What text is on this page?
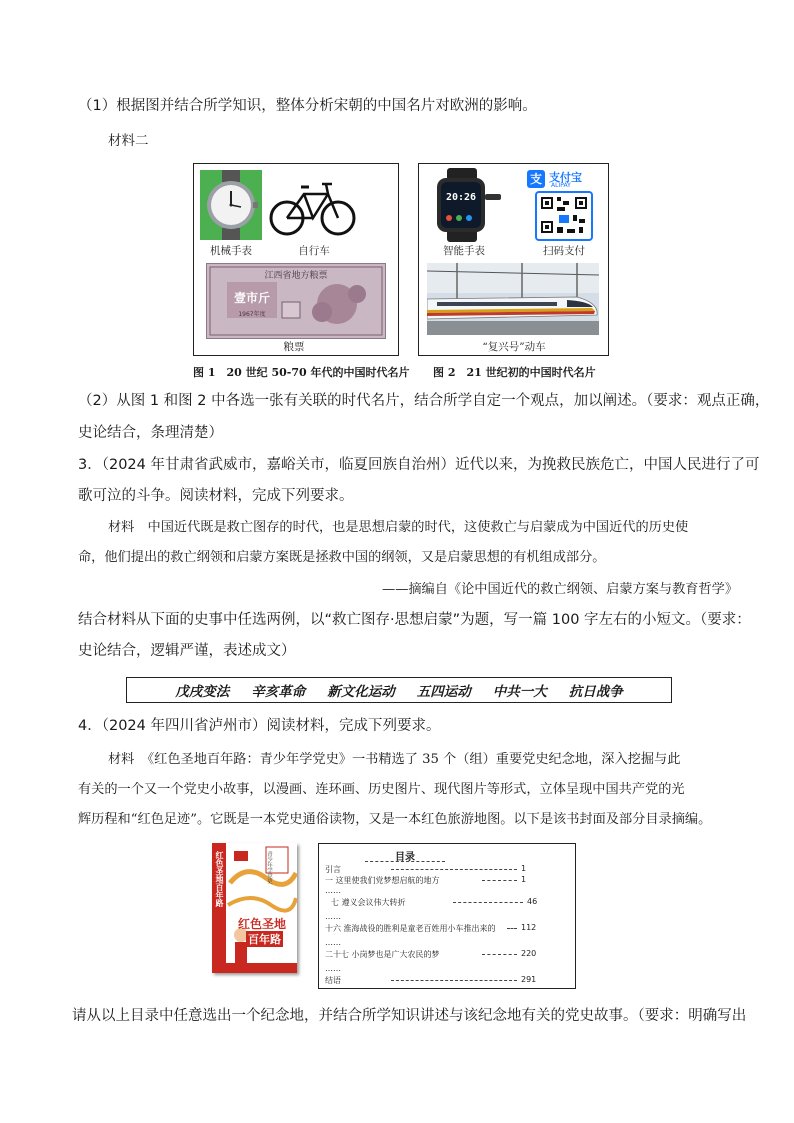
（1）根据图并结合所学知识，整体分析宋朝的中国名片对欧洲的影响。
材料二
机械手表	自行车
江西省地方粮票
壹市斤
1967年度
粮票
20:26
智能手表
支 支付宝
ALIPAY
扫码支付
“复兴号”动车
图 1　20 世纪 50-70 年代的中国时代名片 图 2　21 世纪初的中国时代名片
（2）从图 1 和图 2 中各选一张有关联的时代名片，结合所学自定一个观点，加以阐述。（要求：观点正确，
史论结合，条理清楚）
3．（2024 年甘肃省武威市，嘉峪关市，临夏回族自治州）近代以来，为挽救民族危亡，中国人民进行了可
歌可泣的斗争。阅读材料，完成下列要求。
材料　中国近代既是救亡图存的时代，也是思想启蒙的时代，这使救亡与启蒙成为中国近代的历史使
命，他们提出的救亡纲领和启蒙方案既是拯救中国的纲领，又是启蒙思想的有机组成部分。
——摘编自《论中国近代的救亡纲领、启蒙方案与教育哲学》
结合材料从下面的史事中任选两例，以“救亡图存·思想启蒙”为题，写一篇 100 字左右的小短文。（要求：
史论结合，逻辑严谨，表述成文）
戊戌变法 辛亥革命 新文化运动 五四运动 中共一大 抗日战争
4．（2024 年四川省泸州市）阅读材料，完成下列要求。
材料　《红色圣地百年路：青少年学党史》一书精选了 35 个（组）重要党史纪念地，深入挖掘与此
有关的一个又一个党史小故事，以漫画、连环画、历史图片、现代图片等形式，立体呈现中国共产党的光
辉历程和“红色足迹”。它既是一本党史通俗读物，又是一本红色旅游地图。以下是该书封面及部分目录摘编。
红色圣地百年路	青少年学党史
红色圣地
百年路
目录
引言	1
一 这里使我们党梦想启航的地方	1
……
七 遵义会议伟大转折	46
……
十六 淮海战役的胜利是童老百姓用小车推出来的	112
……
二十七 小岗梦也是广大农民的梦	220
……
结语	291
请从以上目录中任意选出一个纪念地，并结合所学知识讲述与该纪念地有关的党史故事。（要求：明确写出
